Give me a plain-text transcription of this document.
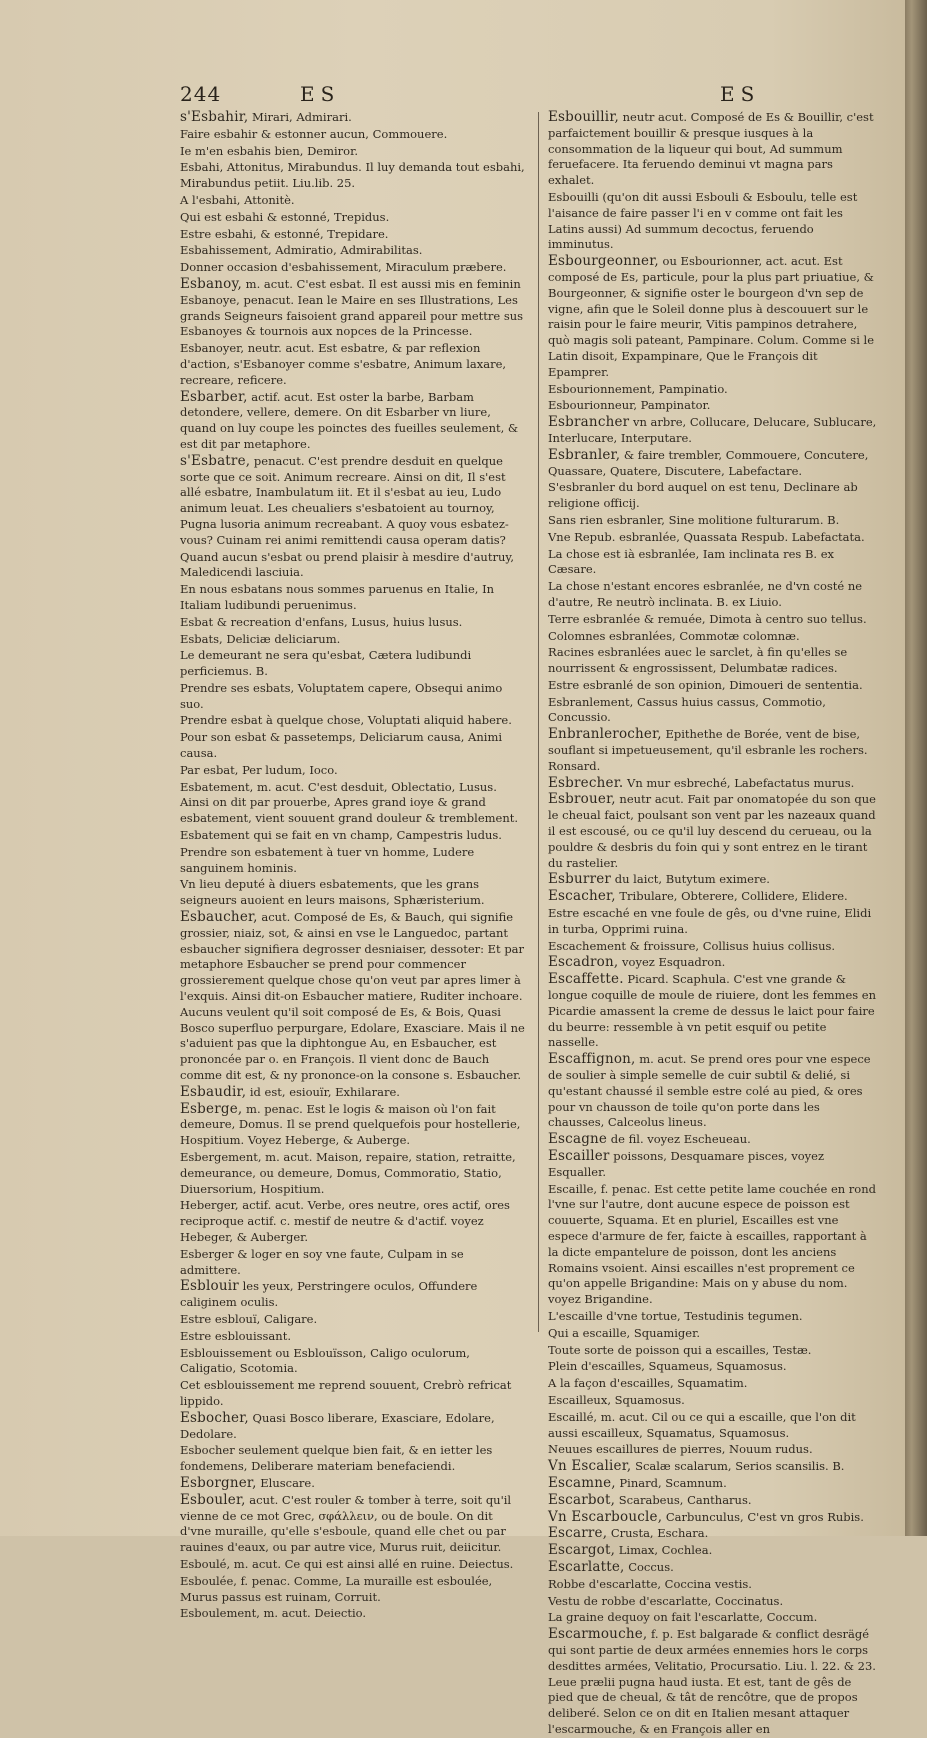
244	ES	ES
s'Esbahir, Mirari, Admirari.
Faire esbahir & estonner aucun, Commouere.
Ie m'en esbahis bien, Demiror.
Esbahi, Attonitus, Mirabundus. Il luy demanda tout esbahi, Mirabundus petiit. Liu.lib. 25.
A l'esbahi, Attonitè.
Qui est esbahi & estonné, Trepidus.
Estre esbahi, & estonné, Trepidare.
Esbahissement, Admiratio, Admirabilitas.
Donner occasion d'esbahissement, Miraculum præbere.
Esbanoy, m. acut. C'est esbat. Il est aussi mis en feminin Esbanoye, penacut. Iean le Maire en ses Illustrations, Les grands Seigneurs faisoient grand appareil pour mettre sus Esbanoyes & tournois aux nopces de la Princesse.
Esbanoyer, neutr. acut. Est esbatre, & par reflexion d'action, s'Esbanoyer comme s'esbatre, Animum laxare, recreare, reficere.
Esbarber, actif. acut. Est oster la barbe, Barbam detondere, vellere, demere. On dit Esbarber vn liure, quand on luy coupe les poinctes des fueilles seulement, & est dit par metaphore.
s'Esbatre, penacut. C'est prendre desduit en quelque sorte que ce soit. Animum recreare. Ainsi on dit, Il s'est allé esbatre, Inambulatum iit. Et il s'esbat au ieu, Ludo animum leuat. Les cheualiers s'esbatoient au tournoy, Pugna lusoria animum recreabant. A quoy vous esbatez-vous? Cuinam rei animi remittendi causa operam datis?
Quand aucun s'esbat ou prend plaisir à mesdire d'autruy, Maledicendi lasciuia.
En nous esbatans nous sommes paruenus en Italie, In Italiam ludibundi peruenimus.
Esbat & recreation d'enfans, Lusus, huius lusus.
Esbats, Deliciæ deliciarum.
Le demeurant ne sera qu'esbat, Cætera ludibundi perficiemus. B.
Prendre ses esbats, Voluptatem capere, Obsequi animo suo.
Prendre esbat à quelque chose, Voluptati aliquid habere.
Pour son esbat & passetemps, Deliciarum causa, Animi causa.
Par esbat, Per ludum, Ioco.
Esbatement, m. acut. C'est desduit, Oblectatio, Lusus. Ainsi on dit par prouerbe, Apres grand ioye & grand esbatement, vient souuent grand douleur & tremblement.
Esbatement qui se fait en vn champ, Campestris ludus.
Prendre son esbatement à tuer vn homme, Ludere sanguinem hominis.
Vn lieu deputé à diuers esbatements, que les grans seigneurs auoient en leurs maisons, Sphæristerium.
Esbaucher, acut. Composé de Es, & Bauch, qui signifie grossier, niaiz, sot, & ainsi en vse le Languedoc, partant esbaucher signifiera degrosser desniaiser, dessoter: Et par metaphore Esbaucher se prend pour commencer grossierement quelque chose qu'on veut par apres limer à l'exquis. Ainsi dit-on Esbaucher matiere, Ruditer inchoare. Aucuns veulent qu'il soit composé de Es, & Bois, Quasi Bosco superfluo perpurgare, Edolare, Exasciare. Mais il ne s'aduient pas que la diphtongue Au, en Esbaucher, est prononcée par o. en François. Il vient donc de Bauch comme dit est, & ny prononce-on la consone s. Esbaucher.
Esbaudir, id est, esiouïr, Exhilarare.
Esberge, m. penac. Est le logis & maison où l'on fait demeure, Domus. Il se prend quelquefois pour hostellerie, Hospitium. Voyez Heberge, & Auberge.
Esbergement, m. acut. Maison, repaire, station, retraitte, demeurance, ou demeure, Domus, Commoratio, Statio, Diuersorium, Hospitium.
Heberger, actif. acut. Verbe, ores neutre, ores actif, ores reciproque actif. c. mestif de neutre & d'actif. voyez Hebeger, & Auberger.
Esberger & loger en soy vne faute, Culpam in se admittere.
Esblouir les yeux, Perstringere oculos, Offundere caliginem oculis.
Estre esblouï, Caligare.
Estre esblouissant.
Esblouissement ou Esblouïsson, Caligo oculorum, Caligatio, Scotomia.
Cet esblouissement me reprend souuent, Crebrò refricat lippido.
Esbocher, Quasi Bosco liberare, Exasciare, Edolare, Dedolare.
Esbocher seulement quelque bien fait, & en ietter les fondemens, Deliberare materiam benefaciendi.
Esborgner, Eluscare.
Esbouler, acut. C'est rouler & tomber à terre, soit qu'il vienne de ce mot Grec, σφάλλειν, ou de boule. On dit d'vne muraille, qu'elle s'esboule, quand elle chet ou par rauines d'eaux, ou par autre vice, Murus ruit, deiicitur.
Esboulé, m. acut. Ce qui est ainsi allé en ruine. Deiectus.
Esboulée, f. penac. Comme, La muraille est esboulée, Murus passus est ruinam, Corruit.
Esboulement, m. acut. Deiectio.
Esbouillir, neutr acut. Composé de Es & Bouillir, c'est parfaictement bouillir & presque iusques à la consommation de la liqueur qui bout, Ad summum feruefacere. Ita feruendo deminui vt magna pars exhalet.
Esbouilli (qu'on dit aussi Esbouli & Esboulu, telle est l'aisance de faire passer l'i en v comme ont fait les Latins aussi) Ad summum decoctus, feruendo imminutus.
Esbourgeonner, ou Esbourionner, act. acut. Est composé de Es, particule, pour la plus part priuatiue, & Bourgeonner, & signifie oster le bourgeon d'vn sep de vigne, afin que le Soleil donne plus à descouuert sur le raisin pour le faire meurir, Vitis pampinos detrahere, quò magis soli pateant, Pampinare. Colum. Comme si le Latin disoit, Expampinare, Que le François dit Epamprer.
Esbourionnement, Pampinatio.
Esbourionneur, Pampinator.
Esbrancher vn arbre, Collucare, Delucare, Sublucare, Interlucare, Interputare.
Esbranler, & faire trembler, Commouere, Concutere, Quassare, Quatere, Discutere, Labefactare.
S'esbranler du bord auquel on est tenu, Declinare ab religione officij.
Sans rien esbranler, Sine molitione fulturarum. B.
Vne Repub. esbranlée, Quassata Respub. Labefactata.
La chose est ià esbranlée, Iam inclinata res B. ex Cæsare.
La chose n'estant encores esbranlée, ne d'vn costé ne d'autre, Re neutrò inclinata. B. ex Liuio.
Terre esbranlée & remuée, Dimota à centro suo tellus.
Colomnes esbranlées, Commotæ colomnæ.
Racines esbranlées auec le sarclet, à fin qu'elles se nourrissent & engrossissent, Delumbatæ radices.
Estre esbranlé de son opinion, Dimoueri de sententia.
Esbranlement, Cassus huius cassus, Commotio, Concussio.
Enbranlerocher, Epithethe de Borée, vent de bise, souflant si impetueusement, qu'il esbranle les rochers. Ronsard.
Esbrecher. Vn mur esbreché, Labefactatus murus.
Esbrouer, neutr acut. Fait par onomatopée du son que le cheual faict, poulsant son vent par les nazeaux quand il est escousé, ou ce qu'il luy descend du cerueau, ou la pouldre & desbris du foin qui y sont entrez en le tirant du rastelier.
Esburrer du laict, Butytum eximere.
Escacher, Tribulare, Obterere, Collidere, Elidere.
Estre escaché en vne foule de gês, ou d'vne ruine, Elidi in turba, Opprimi ruina.
Escachement & froissure, Collisus huius collisus.
Escadron, voyez Esquadron.
Escaffette. Picard. Scaphula. C'est vne grande & longue coquille de moule de riuiere, dont les femmes en Picardie amassent la creme de dessus le laict pour faire du beurre: ressemble à vn petit esquif ou petite nasselle.
Escaffignon, m. acut. Se prend ores pour vne espece de soulier à simple semelle de cuir subtil & delié, si qu'estant chaussé il semble estre colé au pied, & ores pour vn chausson de toile qu'on porte dans les chausses, Calceolus lineus.
Escagne de fil. voyez Escheueau.
Escailler poissons, Desquamare pisces, voyez Esqualler.
Escaille, f. penac. Est cette petite lame couchée en rond l'vne sur l'autre, dont aucune espece de poisson est couuerte, Squama. Et en pluriel, Escailles est vne espece d'armure de fer, faicte à escailles, rapportant à la dicte empantelure de poisson, dont les anciens Romains vsoient. Ainsi escailles n'est proprement ce qu'on appelle Brigandine: Mais on y abuse du nom. voyez Brigandine.
L'escaille d'vne tortue, Testudinis tegumen.
Qui a escaille, Squamiger.
Toute sorte de poisson qui a escailles, Testæ.
Plein d'escailles, Squameus, Squamosus.
A la façon d'escailles, Squamatim.
Escailleux, Squamosus.
Escaillé, m. acut. Cil ou ce qui a escaille, que l'on dit aussi escailleux, Squamatus, Squamosus.
Neuues escaillures de pierres, Nouum rudus.
Vn Escalier, Scalæ scalarum, Serios scansilis. B.
Escamne, Pinard, Scamnum.
Escarbot, Scarabeus, Cantharus.
Vn Escarboucle, Carbunculus, C'est vn gros Rubis.
Escarre, Crusta, Eschara.
Escargot, Limax, Cochlea.
Escarlatte, Coccus.
Robbe d'escarlatte, Coccina vestis.
Vestu de robbe d'escarlatte, Coccinatus.
La graine dequoy on fait l'escarlatte, Coccum.
Escarmouche, f. p. Est balgarade & conflict desrägé qui sont partie de deux armées ennemies hors le corps desdittes armées, Velitatio, Procursatio. Liu. l. 22. & 23. Leue prælii pugna haud iusta. Et est, tant de gês de pied que de cheual, & tât de rencôtre, que de propos deliberé. Selon ce on dit en Italien mesant attaquer l'escarmouche, & en François aller en
